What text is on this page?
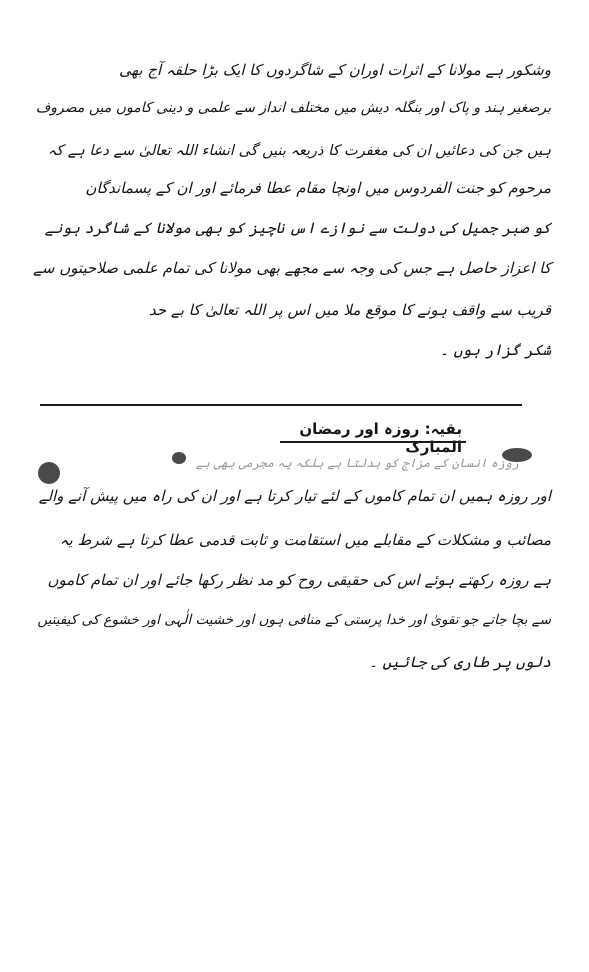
وشکور ہے مولانا کے اثرات اوران کے شاگردوں کا ایک بڑا حلقہ آج بھی
برصغیر ہند و پاک اور بنگلہ دیش میں مختلف انداز سے علمی و دینی کاموں میں مصروف
ہیں جن کی دعائیں ان کی مغفرت کا ذریعہ بنیں گی انشاء اللہ تعالیٰ سے دعا ہے کہ
مرحوم کو جنت الفردوس میں اونچا مقام عطا فرمائے اور ان کے پسماندگان
کو صبر جمیل کی دولت سے نوازے اس ناچیز کو بھی مولانا کے شاگرد ہونے
کا اعزاز حاصل ہے جس کی وجہ سے مجھے بھی مولانا کی تمام علمی صلاحیتوں سے
قریب سے واقف ہونے کا موقع ملا میں اس پر اللہ تعالیٰ کا بے حد
شکر گزار ہوں ۔
بقیہ: روزہ اور رمضان المبارک
روزہ انسان کے مزاج کو بدلتا ہے بلکہ یہ مجرمی بھی ہے
اور روزہ ہمیں ان تمام کاموں کے لئے تیار کرتا ہے اور ان کی راہ میں پیش آنے والے
مصائب و مشکلات کے مقابلے میں استقامت و ثابت قدمی عطا کرتا ہے شرط یہ
ہے روزہ رکھتے ہوئے اس کی حقیقی روح کو مد نظر رکھا جائے اور ان تمام کاموں
سے بچا جاتے جو تقویٰ اور خدا پرستی کے منافی ہوں اور خشیت الٰہی اور خشوع کی کیفیتیں
دلوں پر طاری کی جائیں ۔
